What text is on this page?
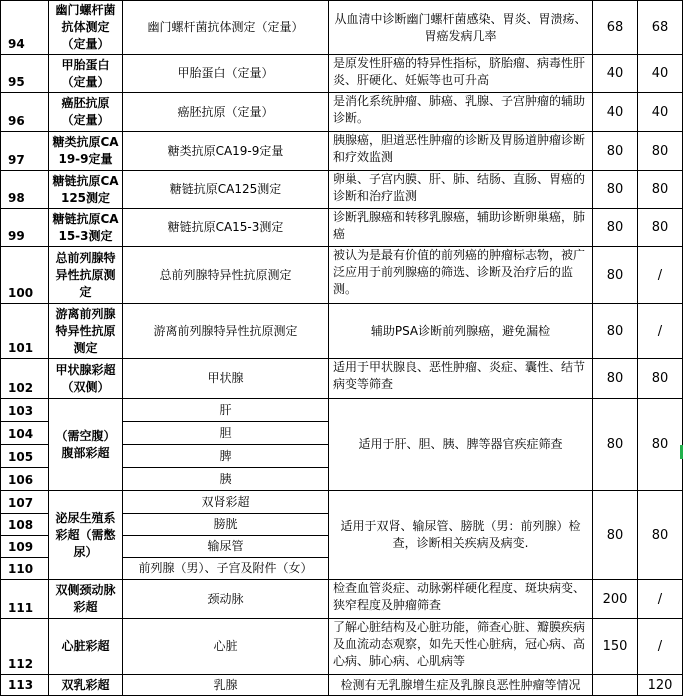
94	幽门螺杆菌抗体测定（定量）	幽门螺杆菌抗体测定（定量）	从血清中诊断幽门螺杆菌感染、胃炎、胃溃疡、胃癌发病几率	68	68
95	甲胎蛋白（定量）	甲胎蛋白（定量）	是原发性肝癌的特异性指标，脐胎瘤、病毒性肝炎、肝硬化、妊娠等也可升高	40	40
96	癌胚抗原（定量）	癌胚抗原（定量）	是消化系统肿瘤、肺癌、乳腺、子宫肿瘤的辅助诊断。	40	40
97	糖类抗原CA19-9定量	糖类抗原CA19-9定量	胰腺癌，胆道恶性肿瘤的诊断及胃肠道肿瘤诊断和疗效监测	80	80
98	糖链抗原CA125测定	糖链抗原CA125测定	卵巢、子宫内膜、肝、肺、结肠、直肠、胃癌的诊断和治疗监测	80	80
99	糖链抗原CA15-3测定	糖链抗原CA15-3测定	诊断乳腺癌和转移乳腺癌，辅助诊断卵巢癌，肺癌	80	80
100	总前列腺特异性抗原测定	总前列腺特异性抗原测定	被认为是最有价值的前列癌的肿瘤标志物，被广泛应用于前列腺癌的筛选、诊断及治疗后的监测。	80	/
101	游离前列腺特异性抗原测定	游离前列腺特异性抗原测定	辅助PSA诊断前列腺癌，避免漏检	80	/
102	甲状腺彩超（双侧）	甲状腺	适用于甲状腺良、恶性肿瘤、炎症、囊性、结节病变等筛查	80	80
103	（需空腹）腹部彩超	肝	适用于肝、胆、胰、脾等器官疾症筛查	80	80
104		胆			
105		脾			
106		胰			
107	泌尿生殖系彩超（需憋尿）	双肾彩超	适用于双肾、输尿管、膀胱（男：前列腺）检查，诊断相关疾病及病变.	80	80
108		膀胱			
109		输尿管			
110		前列腺（男）、子宫及附件（女）			
111	双侧颈动脉彩超	颈动脉	检查血管炎症、动脉粥样硬化程度、斑块病变、狭窄程度及肿瘤筛查	200	/
112	心脏彩超	心脏	了解心脏结构及心脏功能，筛查心脏、瓣膜疾病及血流动态观察，如先天性心脏病，冠心病、高心病、肺心病、心肌病等	150	/
113	双乳彩超	乳腺	检测有无乳腺增生症及乳腺良恶性肿瘤等情况		120
